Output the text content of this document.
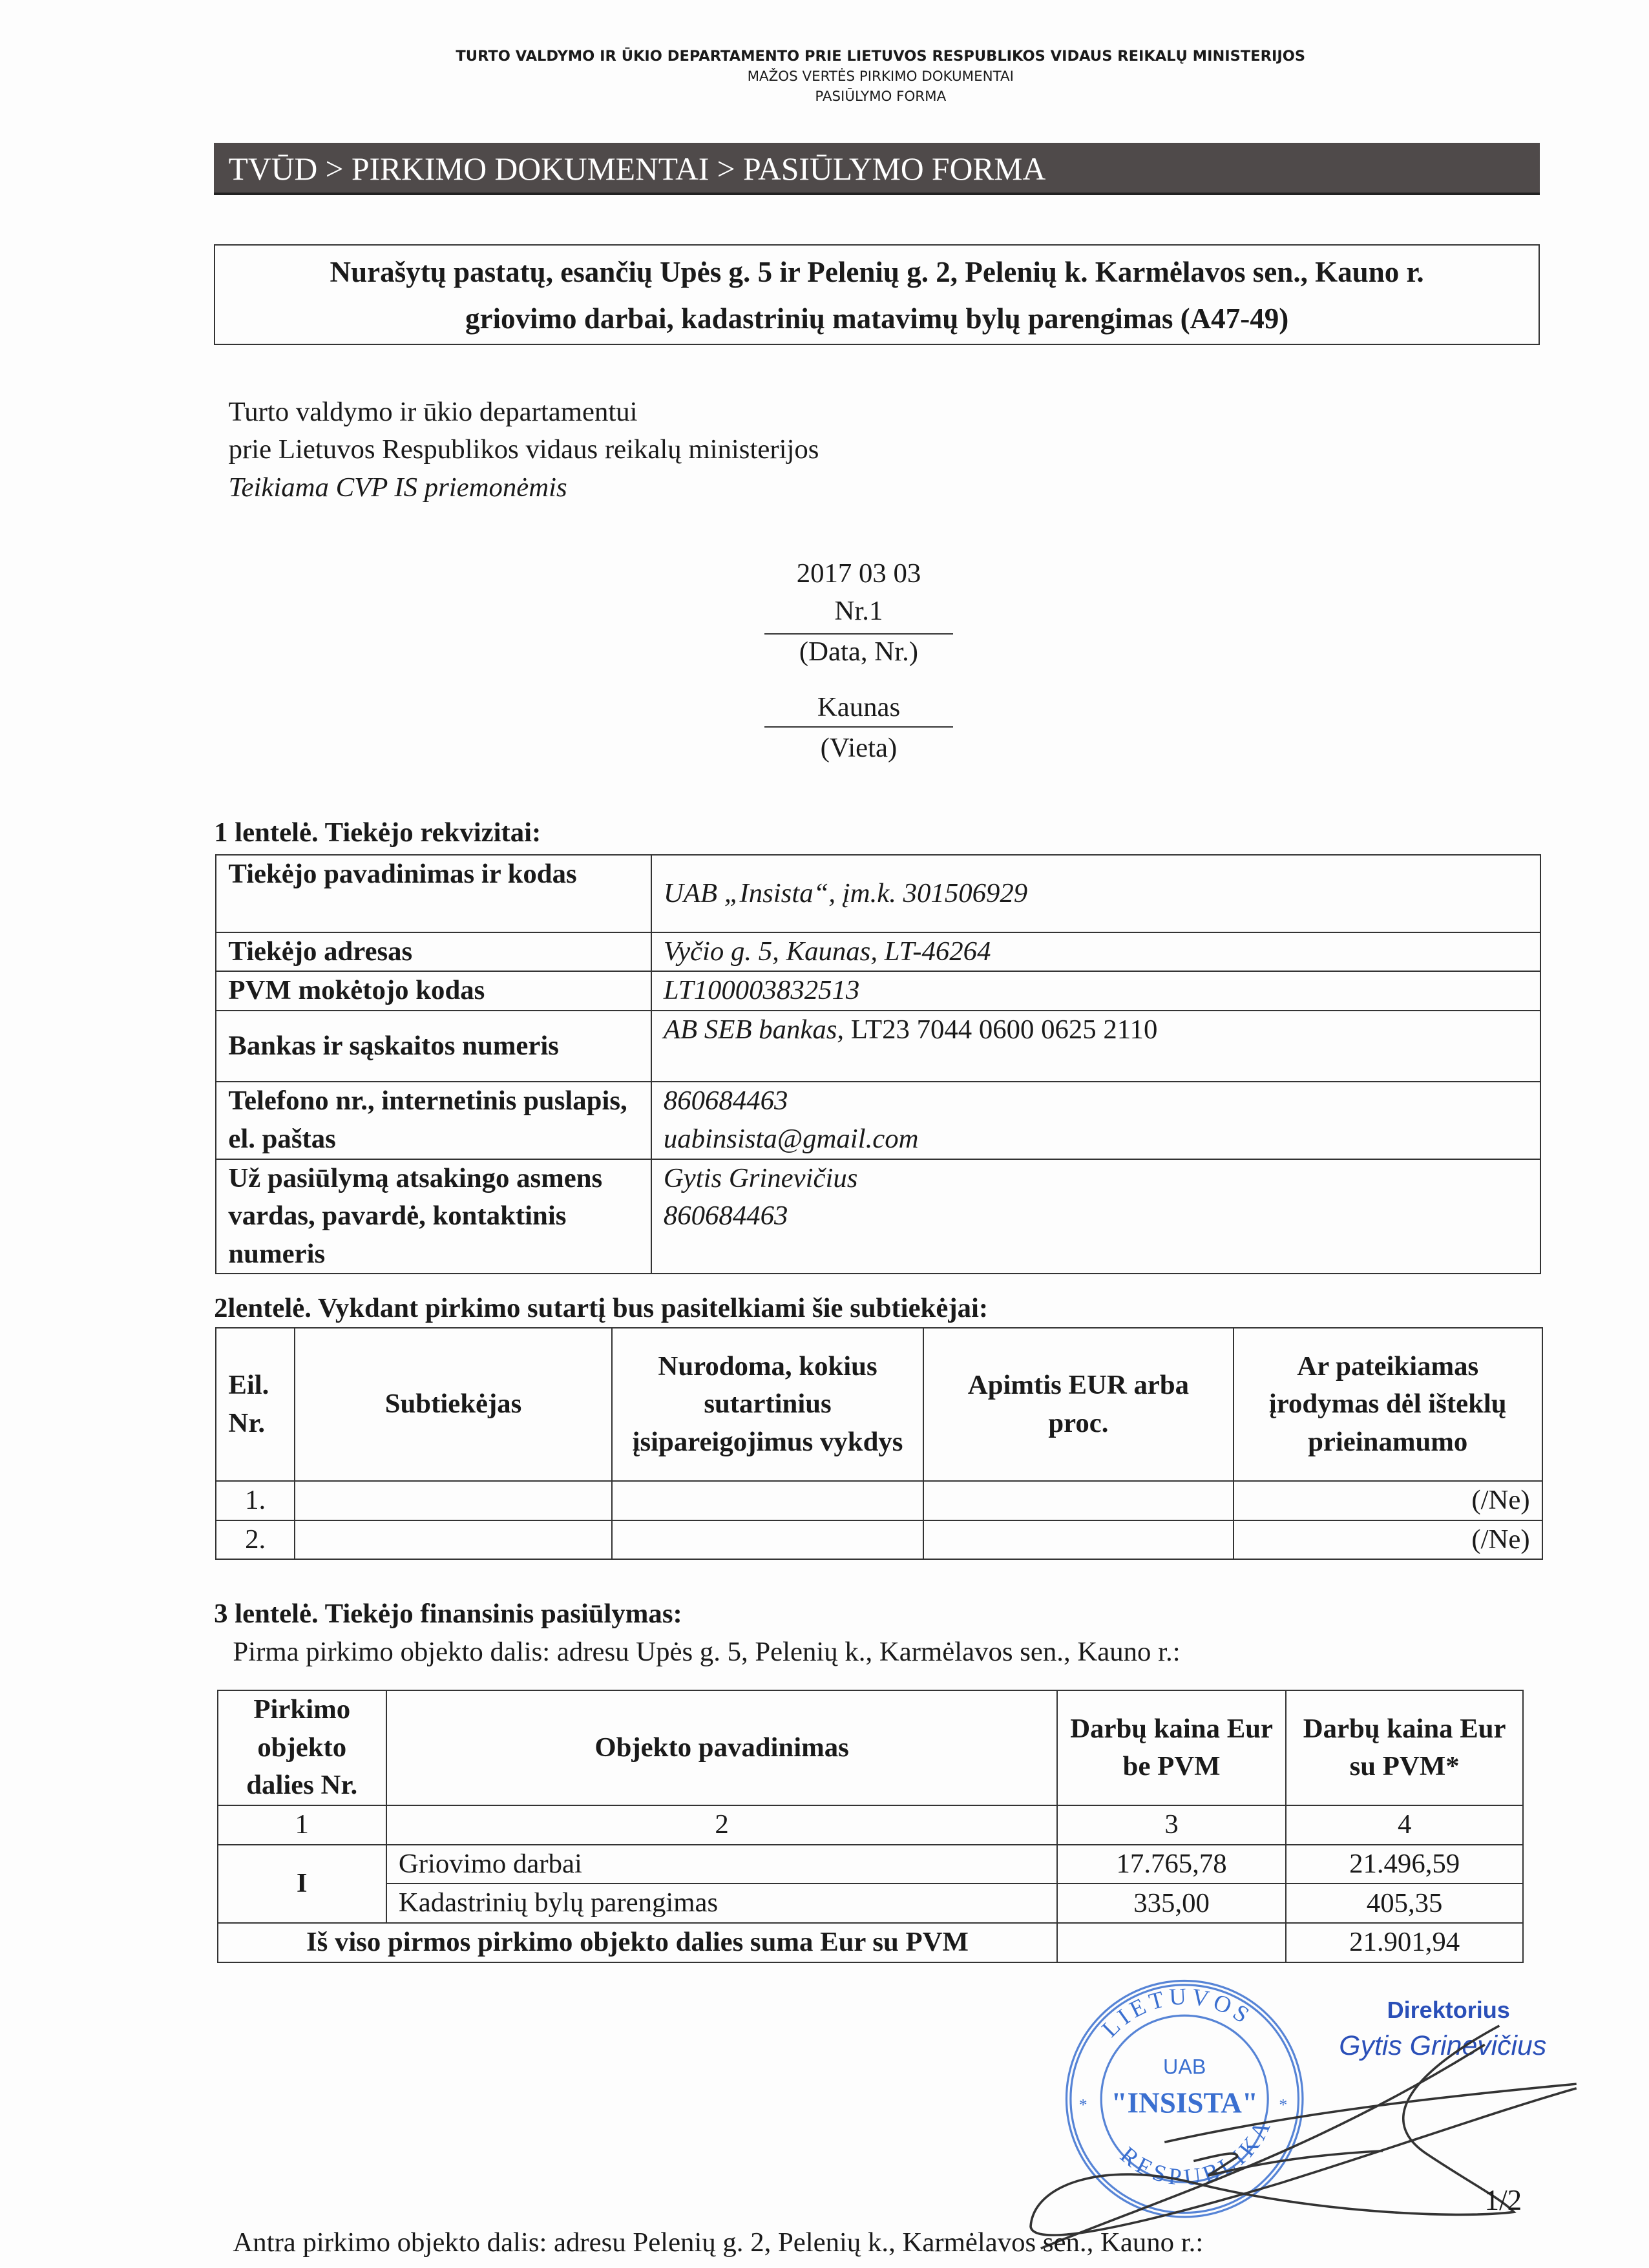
TURTO VALDYMO IR ŪKIO DEPARTAMENTO PRIE LIETUVOS RESPUBLIKOS VIDAUS REIKALŲ MINISTERIJOS
MAŽOS VERTĖS PIRKIMO DOKUMENTAI
PASIŪLYMO FORMA
TVŪD > PIRKIMO DOKUMENTAI > PASIŪLYMO FORMA
Nurašytų pastatų, esančių Upės g. 5 ir Pelenių g. 2, Pelenių k. Karmėlavos sen., Kauno r.
griovimo darbai, kadastrinių matavimų bylų parengimas (A47-49)
Turto valdymo ir ūkio departamentui
prie Lietuvos Respublikos vidaus reikalų ministerijos
Teikiama CVP IS priemonėmis
2017 03 03
Nr.1
(Data, Nr.)
Kaunas
(Vieta)
1 lentelė. Tiekėjo rekvizitai:
Tiekėjo pavadinimas ir kodas	UAB „Insista“, įm.k. 301506929
Tiekėjo adresas	Vyčio g. 5, Kaunas, LT-46264
PVM mokėtojo kodas	LT100003832513
Bankas ir sąskaitos numeris	AB SEB bankas, LT23 7044 0600 0625 2110
Telefono nr., internetinis puslapis, el. paštas	860684463
uabinsista@gmail.com

Už pasiūlymą atsakingo asmens vardas, pavardė, kontaktinis numeris	Gytis Grinevičius
860684463
2lentelė. Vykdant pirkimo sutartį bus pasitelkiami šie subtiekėjai:
Eil. Nr.	Subtiekėjas	Nurodoma, kokius sutartinius įsipareigojimus vykdys	Apimtis EUR arba proc.	Ar pateikiamas įrodymas dėl išteklų prieinamumo
1.				(/Ne)
2.				(/Ne)
3 lentelė. Tiekėjo finansinis pasiūlymas:
Pirma pirkimo objekto dalis: adresu Upės g. 5, Pelenių k., Karmėlavos sen., Kauno r.:
Pirkimo objekto dalies Nr.	Objekto pavadinimas	Darbų kaina Eur be PVM	Darbų kaina Eur su PVM*
1	2	3	4
I	Griovimo darbai	17.765,78	21.496,59
	Kadastrinių bylų parengimas	335,00	405,35
Iš viso pirmos pirkimo objekto dalies suma Eur su PVM			21.901,94
LIETUVOS
RESPUBLIKA
UAB
"INSISTA"
*	*
Direktorius
Gytis Grinevičius
Antra pirkimo objekto dalis: adresu Pelenių g. 2, Pelenių k., Karmėlavos sen., Kauno r.:
1/2
